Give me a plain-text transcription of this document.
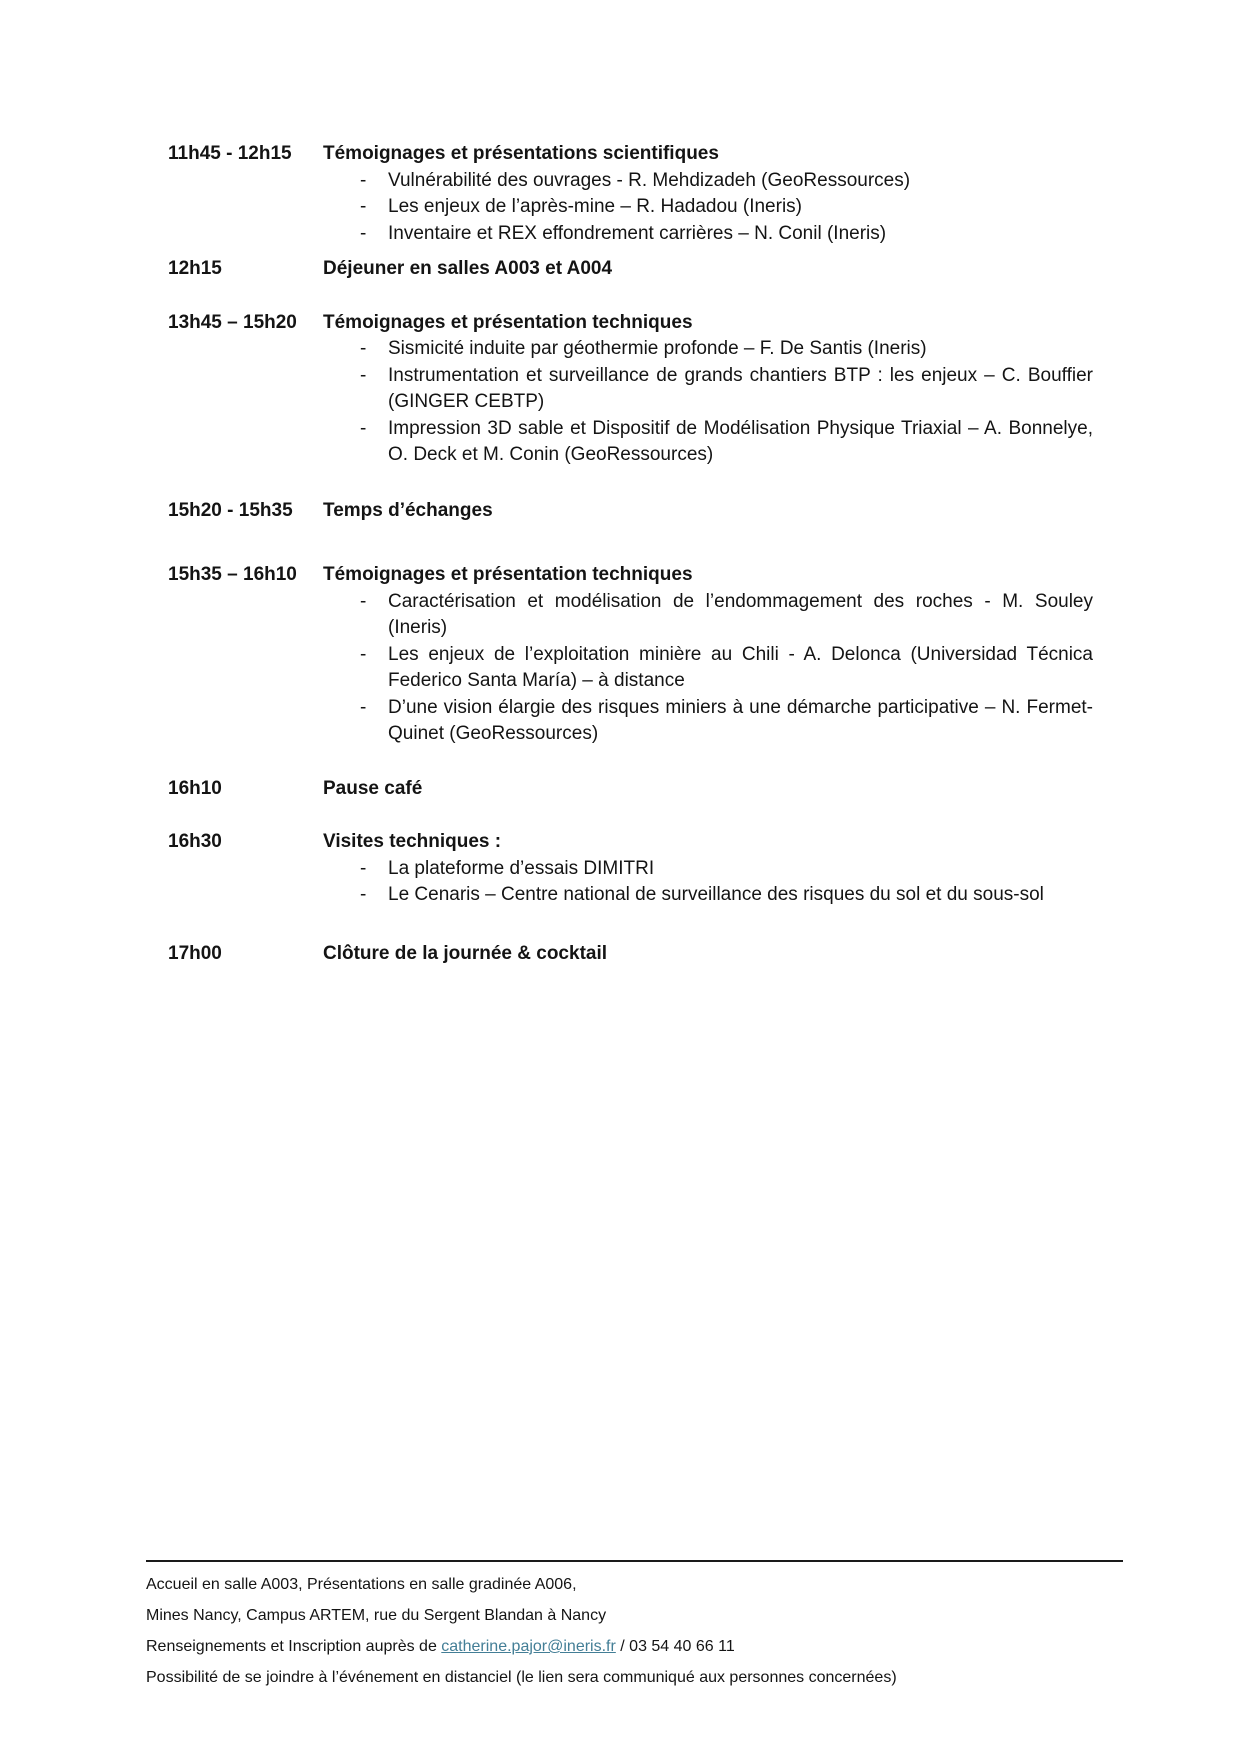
11h45 - 12h15	Témoignages et présentations scientifiques
- Vulnérabilité des ouvrages - R. Mehdizadeh (GeoRessources)
- Les enjeux de l’après-mine – R. Hadadou (Ineris)
- Inventaire et REX effondrement carrières – N. Conil (Ineris)
12h15	Déjeuner en salles A003 et A004
13h45 – 15h20	Témoignages et présentation techniques
- Sismicité induite par géothermie profonde – F. De Santis (Ineris)
- Instrumentation et surveillance de grands chantiers BTP : les enjeux – C. Bouffier (GINGER CEBTP)
- Impression 3D sable et Dispositif de Modélisation Physique Triaxial – A. Bonnelye, O. Deck et M. Conin (GeoRessources)
15h20 - 15h35	Temps d’échanges
15h35 – 16h10	Témoignages et présentation techniques
- Caractérisation et modélisation de l’endommagement des roches - M. Souley (Ineris)
- Les enjeux de l’exploitation minière au Chili - A. Delonca (Universidad Técnica Federico Santa María) – à distance
- D’une vision élargie des risques miniers à une démarche participative – N. Fermet-Quinet (GeoRessources)
16h10	Pause café
16h30	Visites techniques :
- La plateforme d’essais DIMITRI
- Le Cenaris – Centre national de surveillance des risques du sol et du sous-sol
17h00	Clôture de la journée & cocktail
Accueil en salle A003, Présentations en salle gradinée A006,
Mines Nancy, Campus ARTEM, rue du Sergent Blandan à Nancy
Renseignements et Inscription auprès de catherine.pajor@ineris.fr / 03 54 40 66 11
Possibilité de se joindre à l’événement en distanciel (le lien sera communiqué aux personnes concernées)
